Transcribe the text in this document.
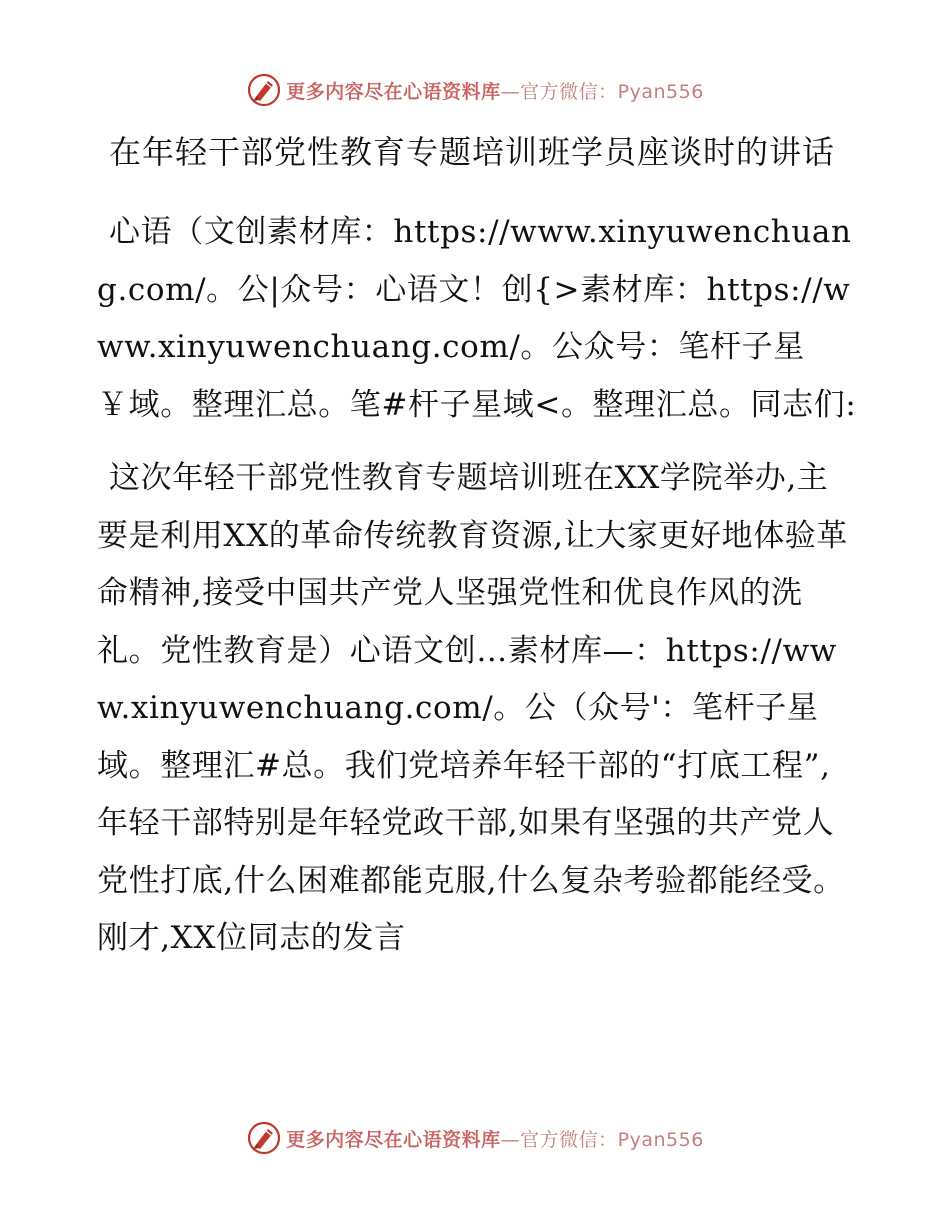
更多内容尽在心语资料库—官方微信：Pyan556
在年轻干部党性教育专题培训班学员座谈时的讲话

心语（文创素材库：https://www.xinyuwenchuang.com/。公|众号：心语文！创{>素材库：https://www.xinyuwenchuang.com/。公众号：笔杆子星￥域。整理汇总。笔#杆子星域<。整理汇总。同志们:

这次年轻干部党性教育专题培训班在XX学院举办,主要是利用XX的革命传统教育资源,让大家更好地体验革命精神,接受中国共产党人坚强党性和优良作风的洗礼。党性教育是）心语文创…素材库—：https://www.xinyuwenchuang.com/。公（众号'：笔杆子星域。整理汇#总。我们党培养年轻干部的“打底工程”,年轻干部特别是年轻党政干部,如果有坚强的共产党人党性打底,什么困难都能克服,什么复杂考验都能经受。刚才,XX位同志的发言

更多内容尽在心语资料库—官方微信：Pyan556
